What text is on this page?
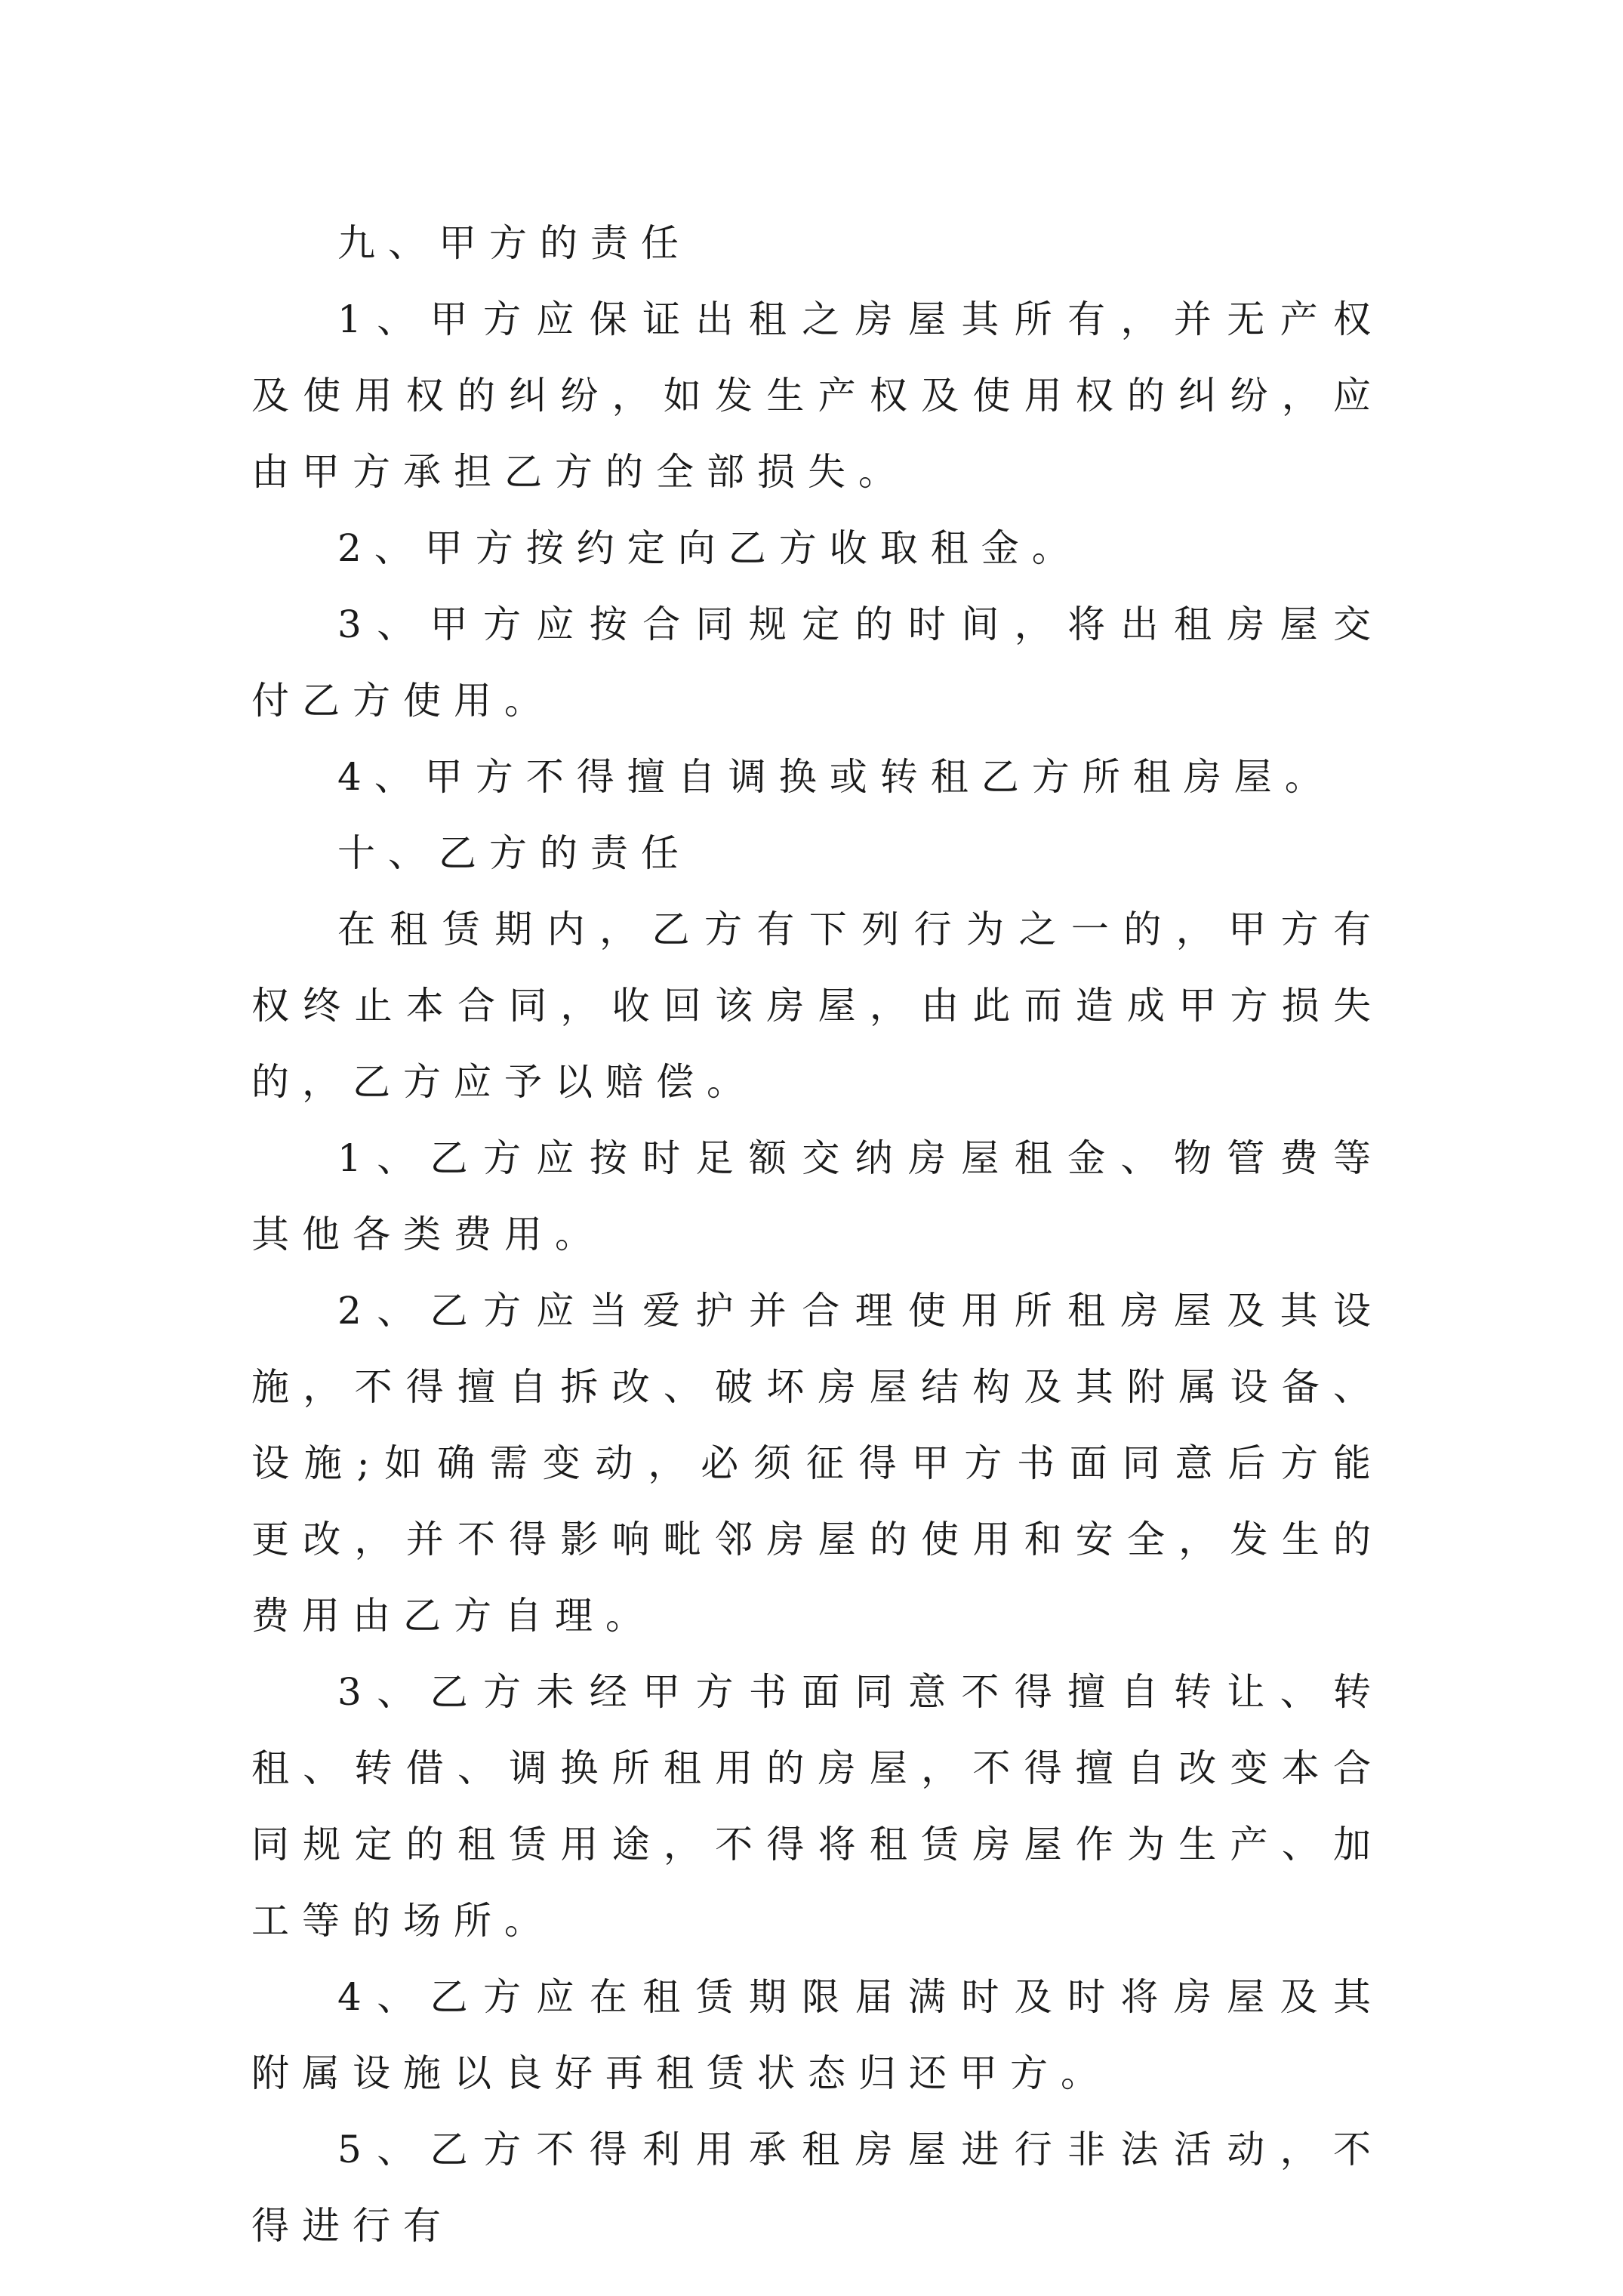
九、甲方的责任

1、甲方应保证出租之房屋其所有，并无产权及使用权的纠纷，如发生产权及使用权的纠纷，应由甲方承担乙方的全部损失。

2、甲方按约定向乙方收取租金。

3、甲方应按合同规定的时间，将出租房屋交付乙方使用。

4、甲方不得擅自调换或转租乙方所租房屋。

十、乙方的责任

在租赁期内，乙方有下列行为之一的，甲方有权终止本合同，收回该房屋，由此而造成甲方损失的，乙方应予以赔偿。

1、乙方应按时足额交纳房屋租金、物管费等其他各类费用。

2、乙方应当爱护并合理使用所租房屋及其设施，不得擅自拆改、破坏房屋结构及其附属设备、设施;如确需变动，必须征得甲方书面同意后方能更改，并不得影响毗邻房屋的使用和安全，发生的费用由乙方自理。

3、乙方未经甲方书面同意不得擅自转让、转租、转借、调换所租用的房屋，不得擅自改变本合同规定的租赁用途，不得将租赁房屋作为生产、加工等的场所。

4、乙方应在租赁期限届满时及时将房屋及其附属设施以良好再租赁状态归还甲方。

5、乙方不得利用承租房屋进行非法活动，不得进行有
